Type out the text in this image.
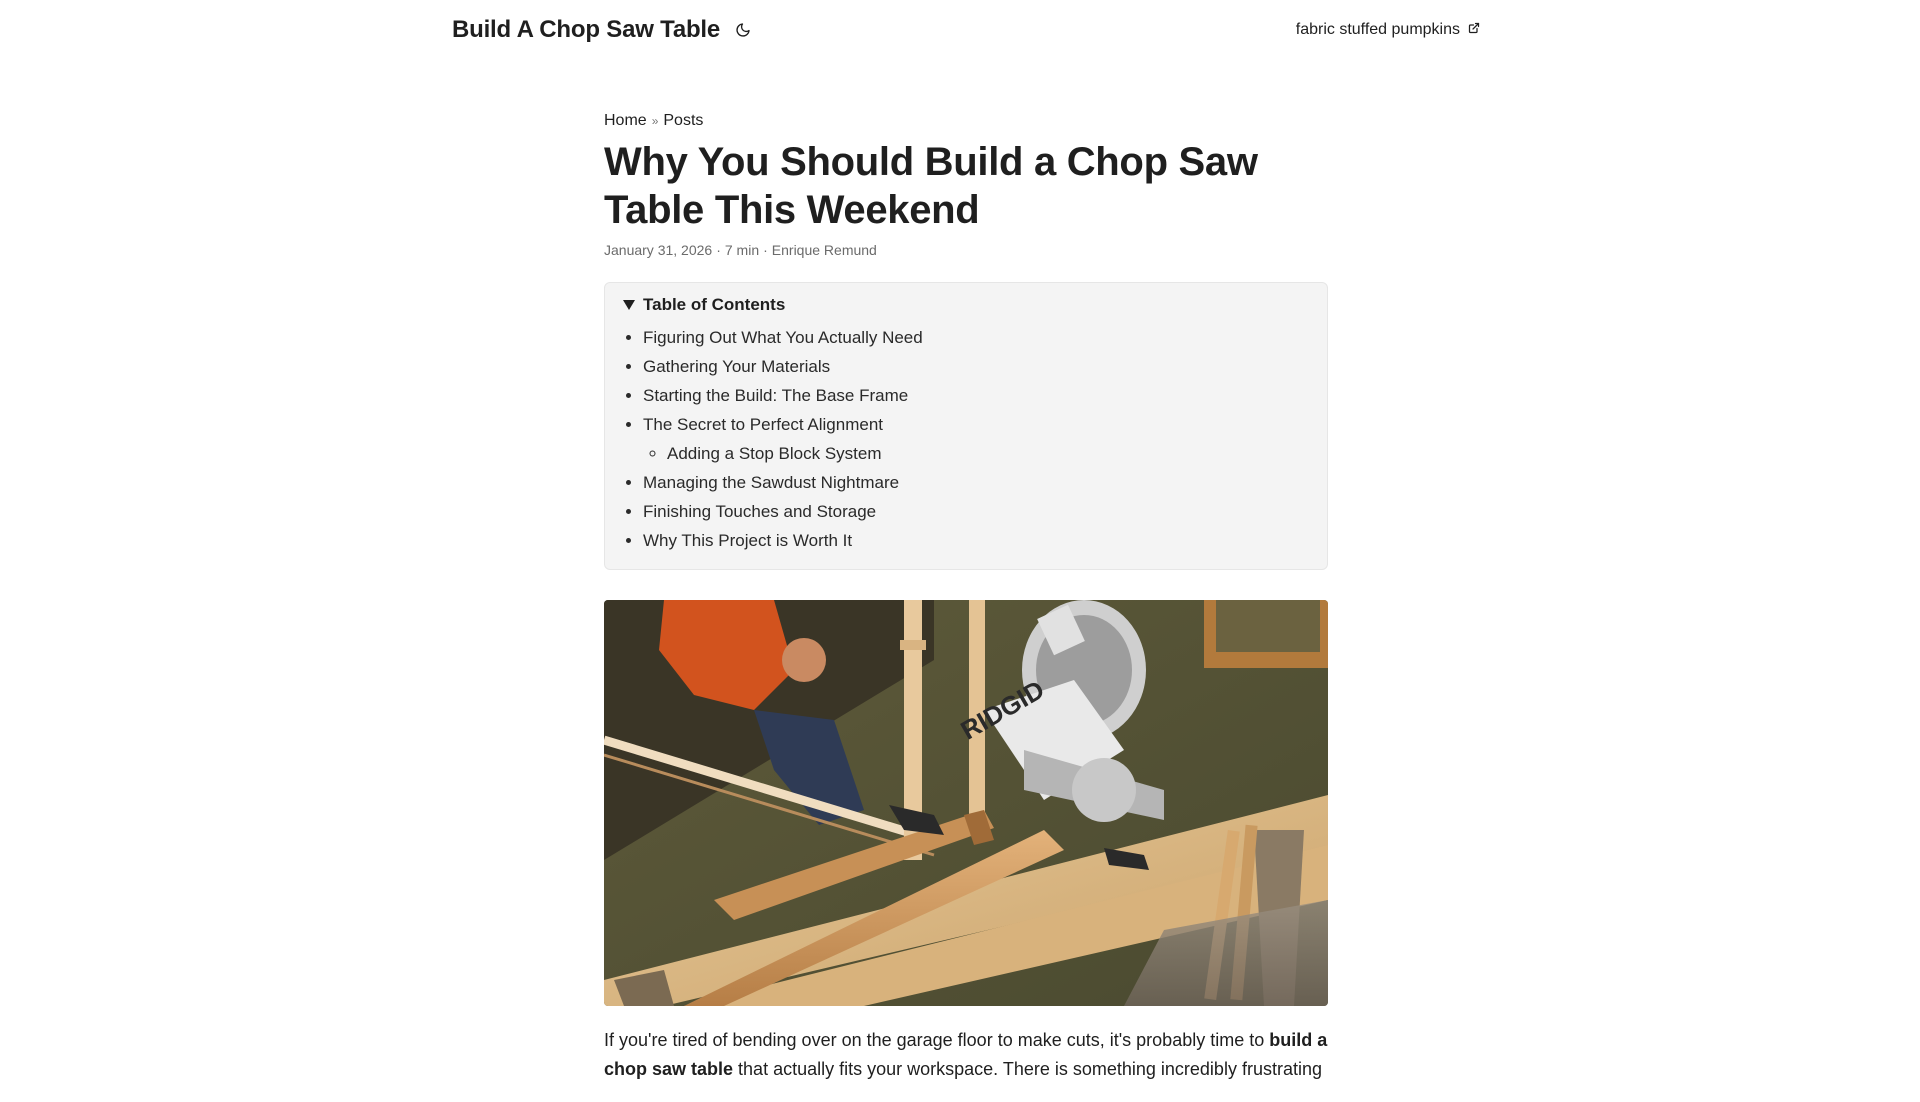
Build A Chop Saw Table	fabric stuffed pumpkins
Home » Posts
Why You Should Build a Chop Saw Table This Weekend
January 31, 2026 · 7 min · Enrique Remund
Table of Contents
• Figuring Out What You Actually Need
• Gathering Your Materials
• Starting the Build: The Base Frame
• The Secret to Perfect Alignment
◦ Adding a Stop Block System
• Managing the Sawdust Nightmare
• Finishing Touches and Storage
• Why This Project is Worth It
RIDGID

If you're tired of bending over on the garage floor to make cuts, it's probably time to build a chop saw table that actually fits your workspace. There is something incredibly frustrating
